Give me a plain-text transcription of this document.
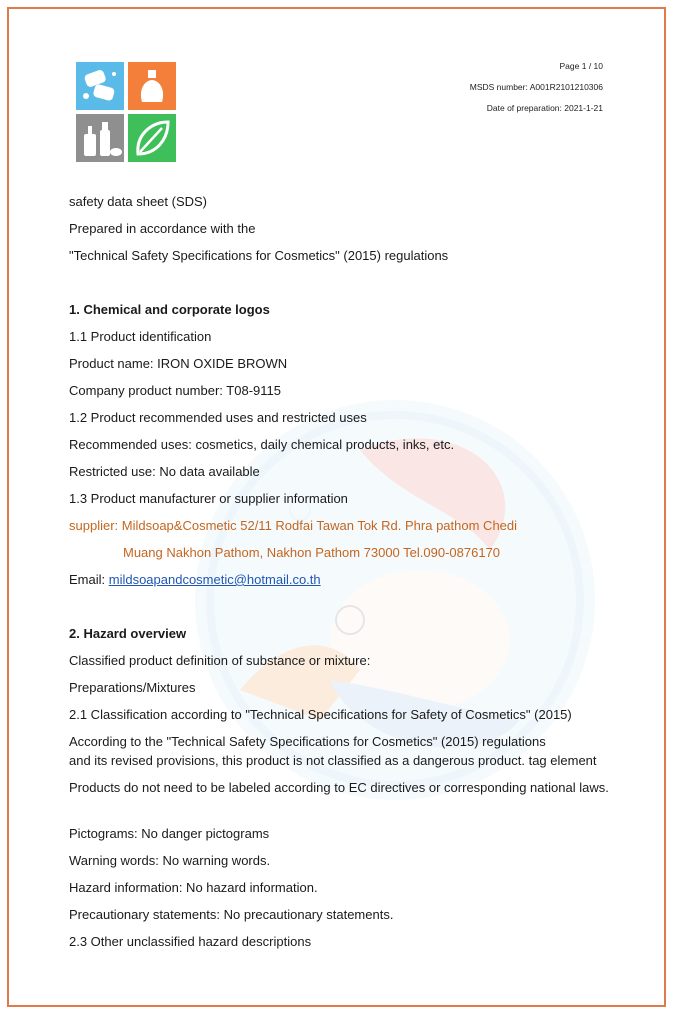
Page 1 / 10
MSDS number: A001R2101210306
Date of preparation: 2021-1-21
safety data sheet (SDS)
Prepared in accordance with the
"Technical Safety Specifications for Cosmetics" (2015) regulations
1. Chemical and corporate logos
1.1 Product identification
Product name: IRON OXIDE BROWN
Company product number: T08-9115
1.2 Product recommended uses and restricted uses
Recommended uses: cosmetics, daily chemical products, inks, etc.
Restricted use: No data available
1.3 Product manufacturer or supplier information
supplier: Mildsoap&Cosmetic 52/11 Rodfai Tawan Tok Rd. Phra pathom Chedi
Muang Nakhon Pathom, Nakhon Pathom 73000 Tel.090-0876170
Email: mildsoapandcosmetic@hotmail.co.th
2. Hazard overview
Classified product definition of substance or mixture:
Preparations/Mixtures
2.1 Classification according to "Technical Specifications for Safety of Cosmetics" (2015)
According to the "Technical Safety Specifications for Cosmetics" (2015) regulations
and its revised provisions, this product is not classified as a dangerous product. tag element
Products do not need to be labeled according to EC directives or corresponding national laws.
Pictograms: No danger pictograms
Warning words: No warning words.
Hazard information: No hazard information.
Precautionary statements: No precautionary statements.
2.3 Other unclassified hazard descriptions
